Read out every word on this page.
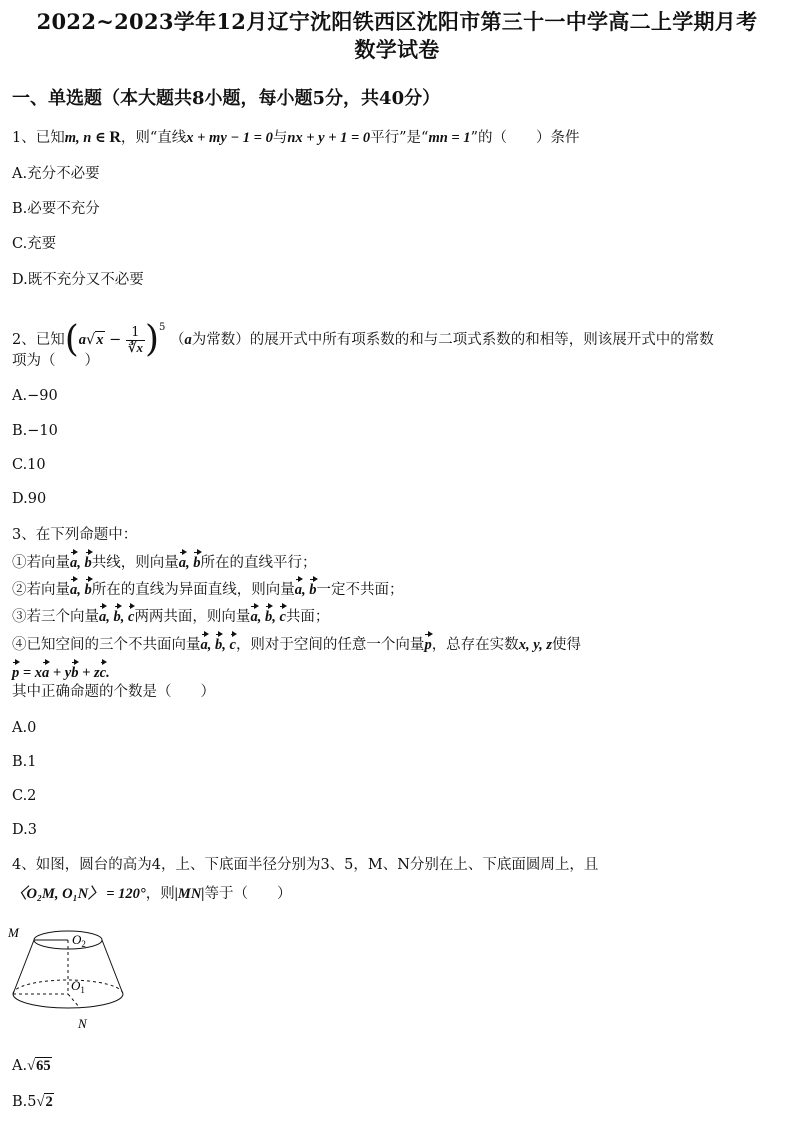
2022~2023学年12月辽宁沈阳铁西区沈阳市第三十一中学高二上学期月考
数学试卷
一、单选题（本大题共8小题，每小题5分，共40分）
1、已知m, n ∈ R，则“直线x + my − 1 = 0与nx + y + 1 = 0平行”是“mn = 1”的（　　）条件
A.充分不必要
B.必要不充分
C.充要
D.既不充分又不必要
2、已知$(a√x - \frac{1}{∛x} )^5$ （a为常数）的展开式中所有项系数的和与二项式系数的和相等，则该展开式中的常数
项为（　　）
A.−90
B.−10
C.10
D.90
3、在下列命题中：
①若向量a, b共线，则向量a, b所在的直线平行；
②若向量a, b所在的直线为异面直线，则向量a, b一定不共面；
③若三个向量a, b, c两两共面，则向量a, b, c共面；
④已知空间的三个不共面向量a, b, c，则对于空间的任意一个向量p，总存在实数x, y, z使得
p = xa + yb + zc.
其中正确命题的个数是（　　）
A.0
B.1
C.2
D.3
4、如图，圆台的高为4，上、下底面半径分别为3、5，M、N分别在上、下底面圆周上，且
〈O₂M, O₁N〉 = 120°，则|MN|等于（　　）
M	$O_2$
$O_1$
N
A.√65
B.5√2
